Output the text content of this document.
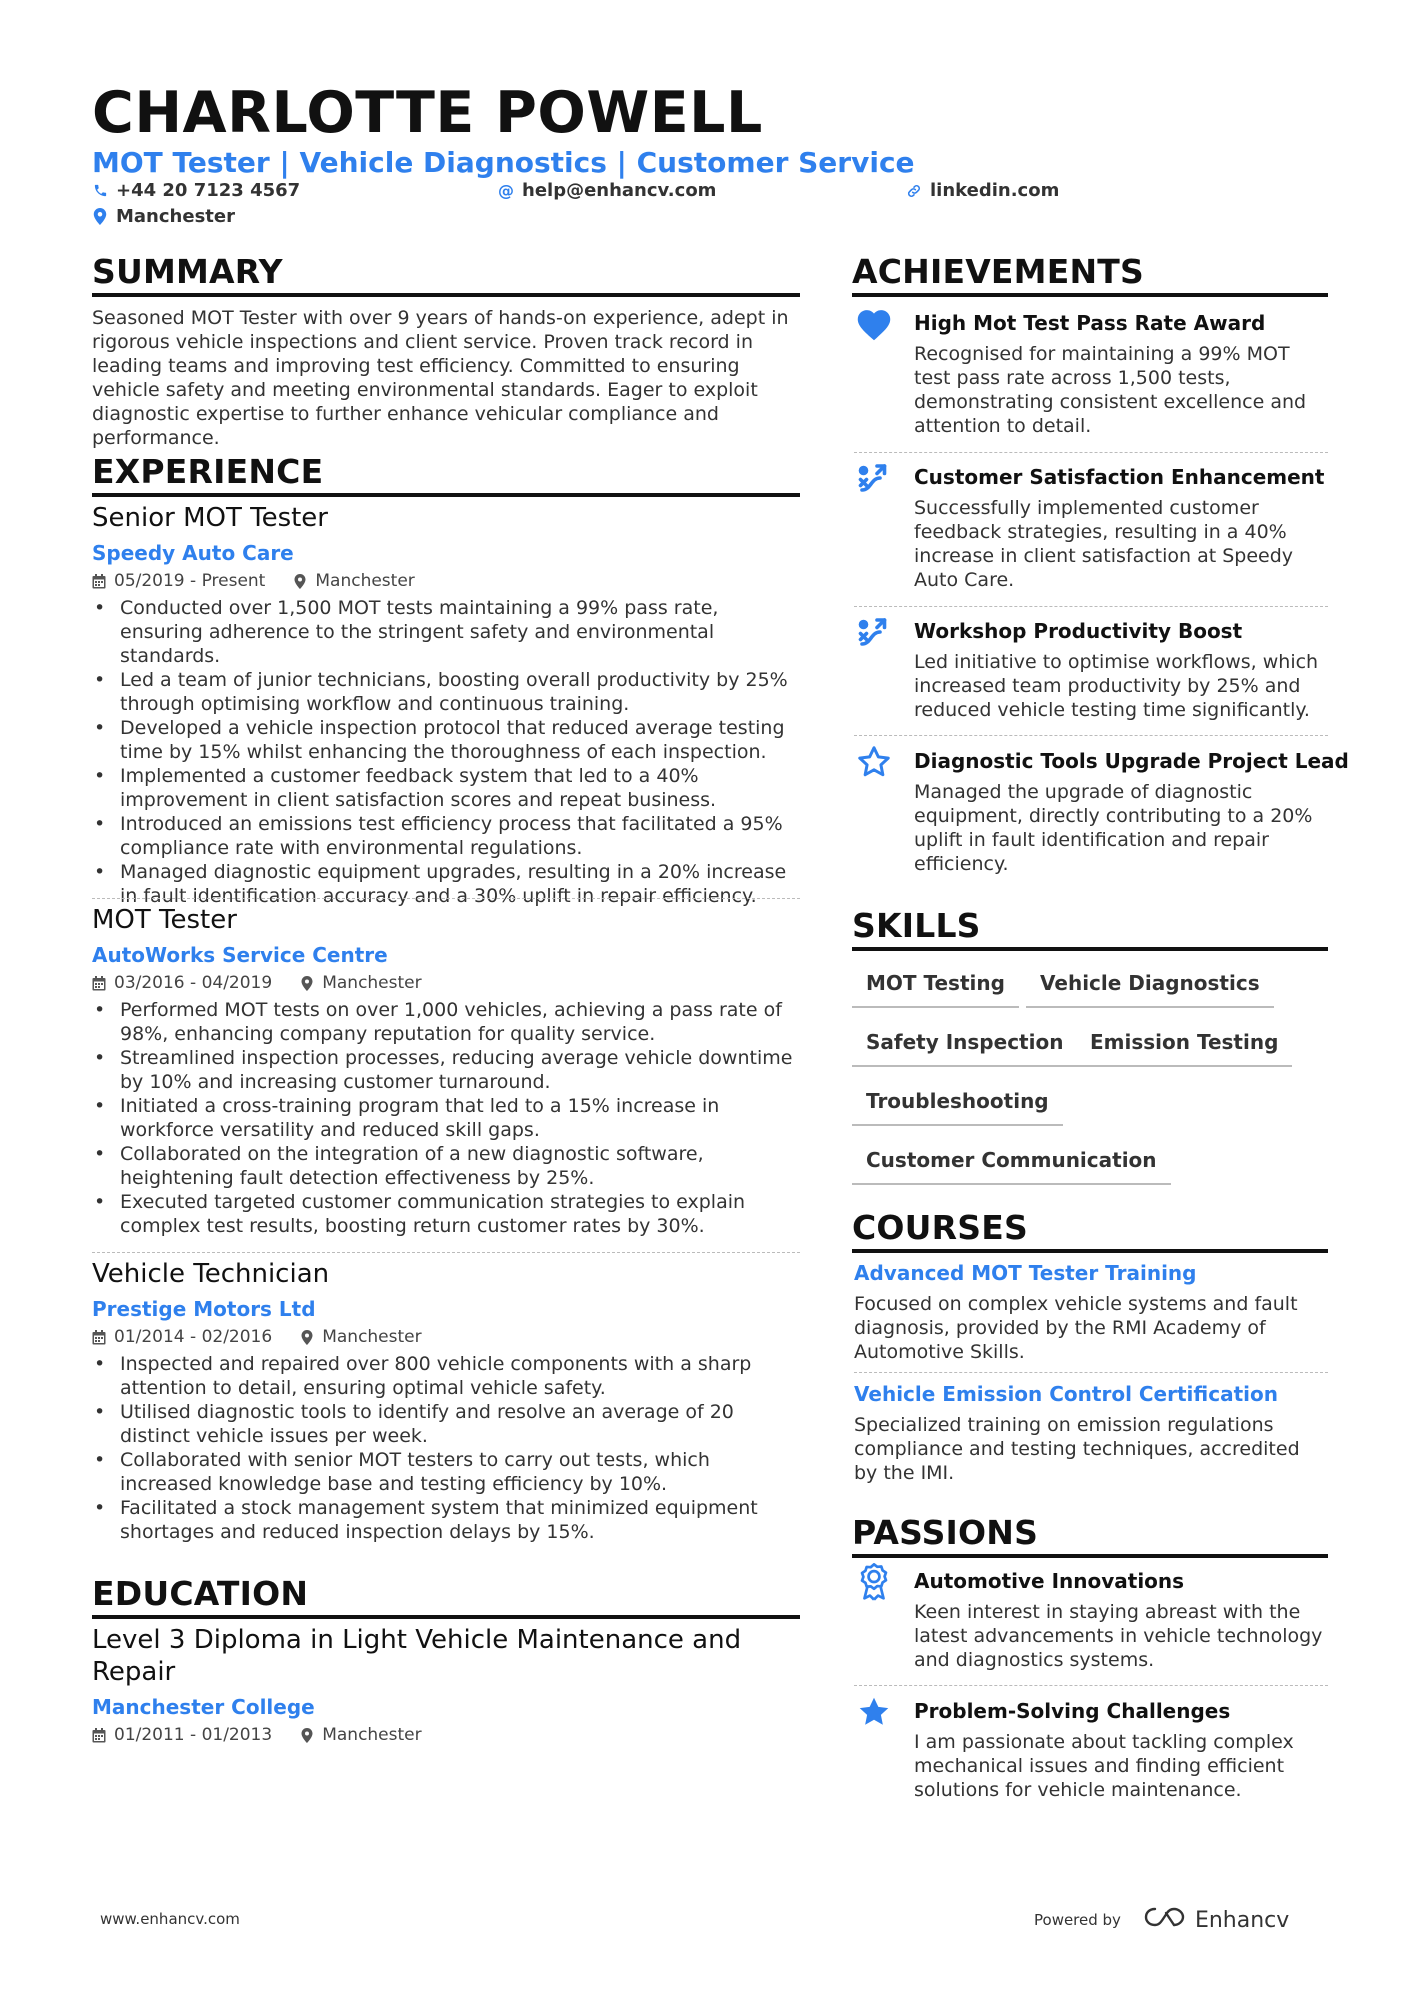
CHARLOTTE POWELL
MOT Tester | Vehicle Diagnostics | Customer Service
+44 20 7123 4567	@ help@enhancv.com	linkedin.com
Manchester
SUMMARY
Seasoned MOT Tester with over 9 years of hands-on experience, adept in rigorous vehicle inspections and client service. Proven track record in leading teams and improving test efficiency. Committed to ensuring vehicle safety and meeting environmental standards. Eager to exploit diagnostic expertise to further enhance vehicular compliance and performance.
EXPERIENCE
Senior MOT Tester
Speedy Auto Care
05/2019 - Present	Manchester
• Conducted over 1,500 MOT tests maintaining a 99% pass rate, ensuring adherence to the stringent safety and environmental standards.
• Led a team of junior technicians, boosting overall productivity by 25% through optimising workflow and continuous training.
• Developed a vehicle inspection protocol that reduced average testing time by 15% whilst enhancing the thoroughness of each inspection.
• Implemented a customer feedback system that led to a 40% improvement in client satisfaction scores and repeat business.
• Introduced an emissions test efficiency process that facilitated a 95% compliance rate with environmental regulations.
• Managed diagnostic equipment upgrades, resulting in a 20% increase in fault identification accuracy and a 30% uplift in repair efficiency.
MOT Tester
AutoWorks Service Centre
03/2016 - 04/2019	Manchester
• Performed MOT tests on over 1,000 vehicles, achieving a pass rate of 98%, enhancing company reputation for quality service.
• Streamlined inspection processes, reducing average vehicle downtime by 10% and increasing customer turnaround.
• Initiated a cross-training program that led to a 15% increase in workforce versatility and reduced skill gaps.
• Collaborated on the integration of a new diagnostic software, heightening fault detection effectiveness by 25%.
• Executed targeted customer communication strategies to explain complex test results, boosting return customer rates by 30%.
Vehicle Technician
Prestige Motors Ltd
01/2014 - 02/2016	Manchester
• Inspected and repaired over 800 vehicle components with a sharp attention to detail, ensuring optimal vehicle safety.
• Utilised diagnostic tools to identify and resolve an average of 20 distinct vehicle issues per week.
• Collaborated with senior MOT testers to carry out tests, which increased knowledge base and testing efficiency by 10%.
• Facilitated a stock management system that minimized equipment shortages and reduced inspection delays by 15%.
EDUCATION
Level 3 Diploma in Light Vehicle Maintenance and Repair
Manchester College
01/2011 - 01/2013	Manchester
ACHIEVEMENTS
High Mot Test Pass Rate Award
Recognised for maintaining a 99% MOT test pass rate across 1,500 tests, demonstrating consistent excellence and attention to detail.
Customer Satisfaction Enhancement
Successfully implemented customer feedback strategies, resulting in a 40% increase in client satisfaction at Speedy Auto Care.
Workshop Productivity Boost
Led initiative to optimise workflows, which increased team productivity by 25% and reduced vehicle testing time significantly.
Diagnostic Tools Upgrade Project Lead
Managed the upgrade of diagnostic equipment, directly contributing to a 20% uplift in fault identification and repair efficiency.
SKILLS
MOT Testing	Vehicle Diagnostics
Safety Inspection	Emission Testing
Troubleshooting
Customer Communication
COURSES
Advanced MOT Tester Training
Focused on complex vehicle systems and fault diagnosis, provided by the RMI Academy of Automotive Skills.
Vehicle Emission Control Certification
Specialized training on emission regulations compliance and testing techniques, accredited by the IMI.
PASSIONS
Automotive Innovations
Keen interest in staying abreast with the latest advancements in vehicle technology and diagnostics systems.
Problem-Solving Challenges
I am passionate about tackling complex mechanical issues and finding efficient solutions for vehicle maintenance.
www.enhancv.com	Powered by	Enhancv
